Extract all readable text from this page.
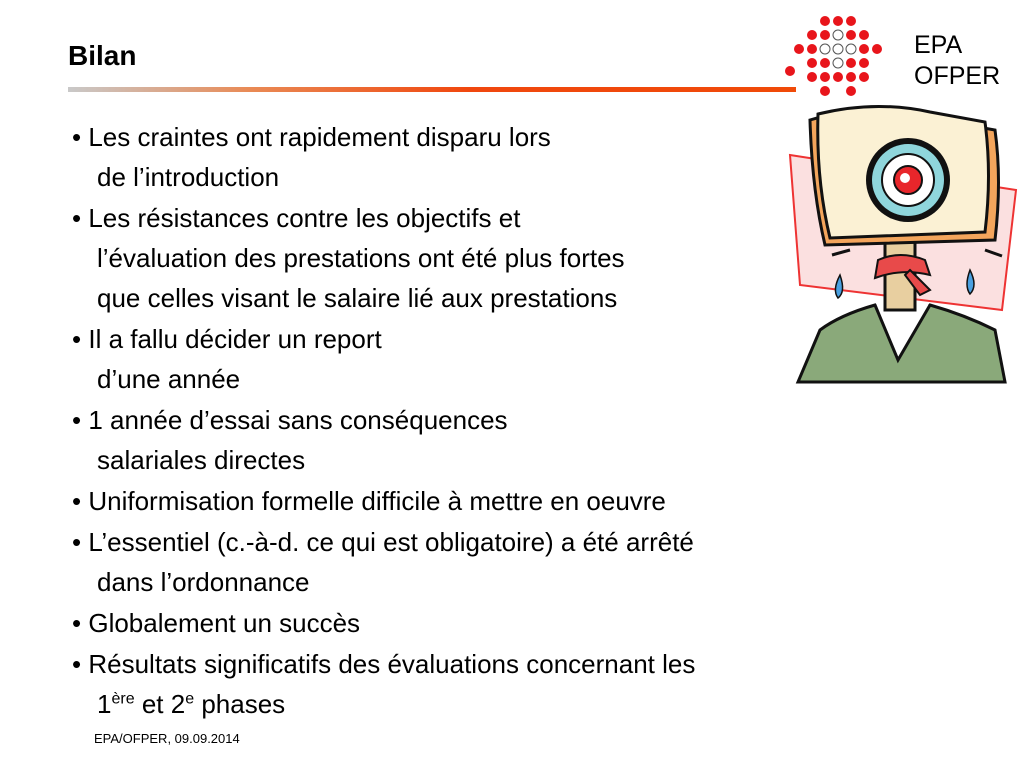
Bilan	EPA
OFPER
• Les craintes ont rapidement disparu lors
de l’introduction
• Les résistances contre les objectifs et
l’évaluation des prestations ont été plus fortes
que celles visant le salaire lié aux prestations
• Il a fallu décider un report
d’une année
• 1 année d’essai sans conséquences
salariales directes
• Uniformisation formelle difficile à mettre en oeuvre
• L’essentiel (c.-à-d. ce qui est obligatoire) a été arrêté
dans l’ordonnance
• Globalement un succès
• Résultats significatifs des évaluations concernant les
1ère et 2e phases
EPA/OFPER, 09.09.2014
